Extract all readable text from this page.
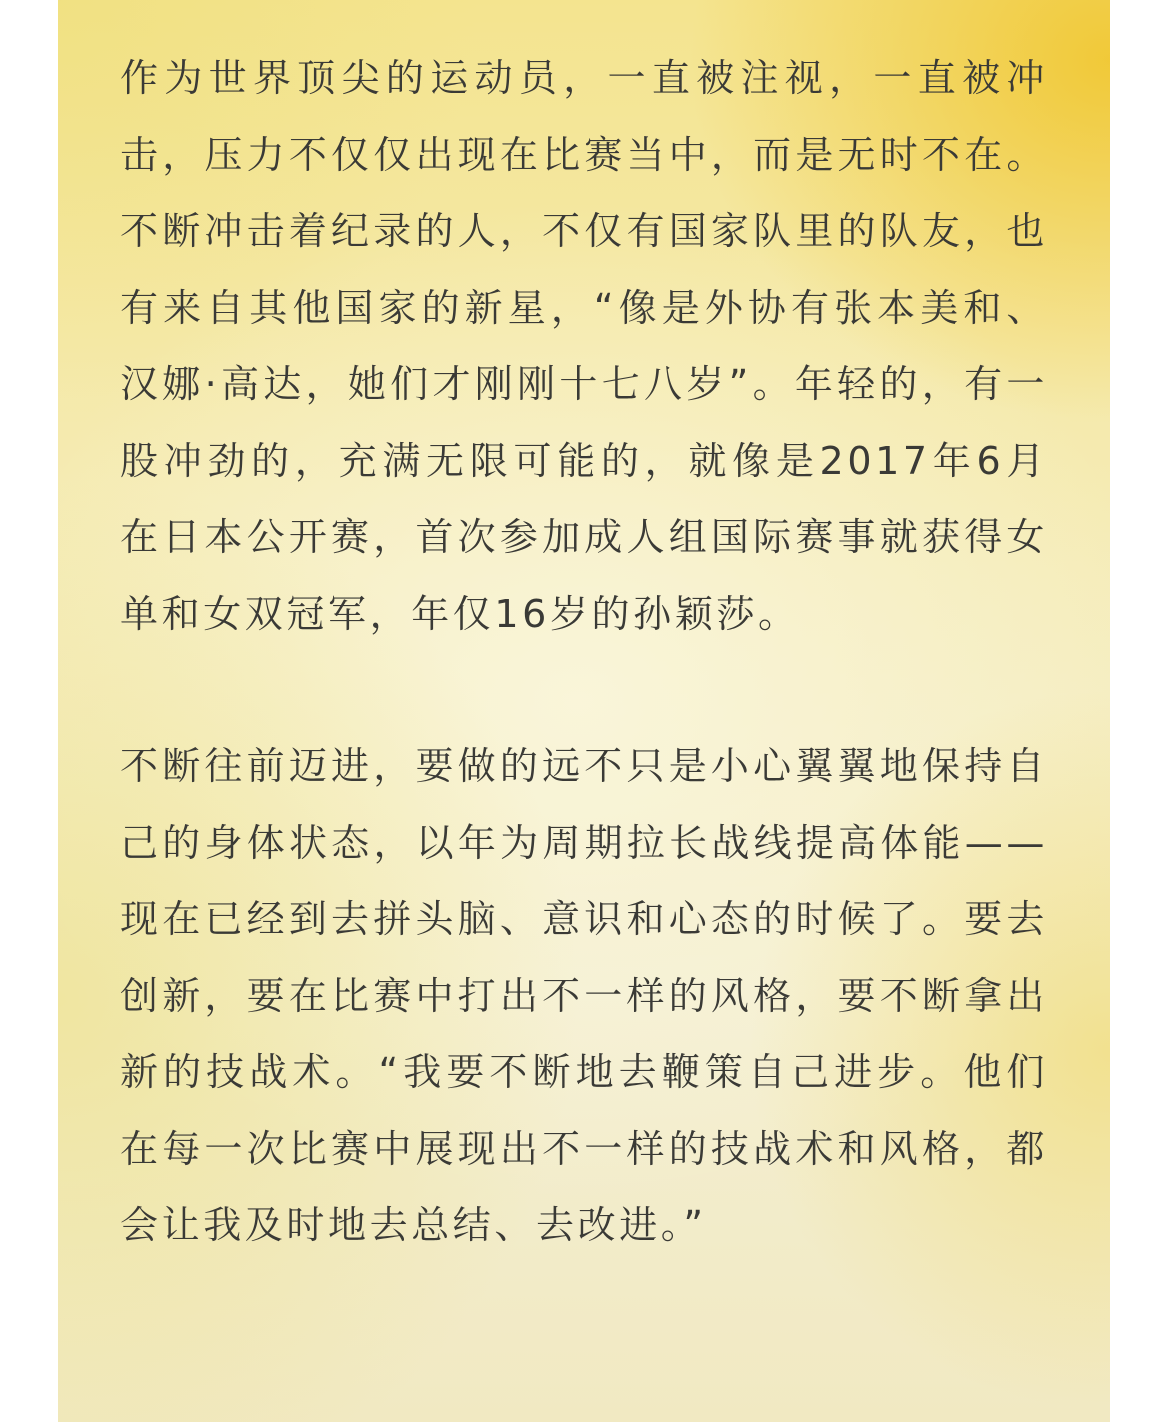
作为世界顶尖的运动员，一直被注视，一直被冲击，压力不仅仅出现在比赛当中，而是无时不在。不断冲击着纪录的人，不仅有国家队里的队友，也有来自其他国家的新星，“像是外协有张本美和、汉娜·高达，她们才刚刚十七八岁”。年轻的，有一股冲劲的，充满无限可能的，就像是2017年6月在日本公开赛，首次参加成人组国际赛事就获得女单和女双冠军，年仅16岁的孙颖莎。

不断往前迈进，要做的远不只是小心翼翼地保持自己的身体状态，以年为周期拉长战线提高体能——现在已经到去拼头脑、意识和心态的时候了。要去创新，要在比赛中打出不一样的风格，要不断拿出新的技战术。“我要不断地去鞭策自己进步。他们在每一次比赛中展现出不一样的技战术和风格，都会让我及时地去总结、去改进。”
